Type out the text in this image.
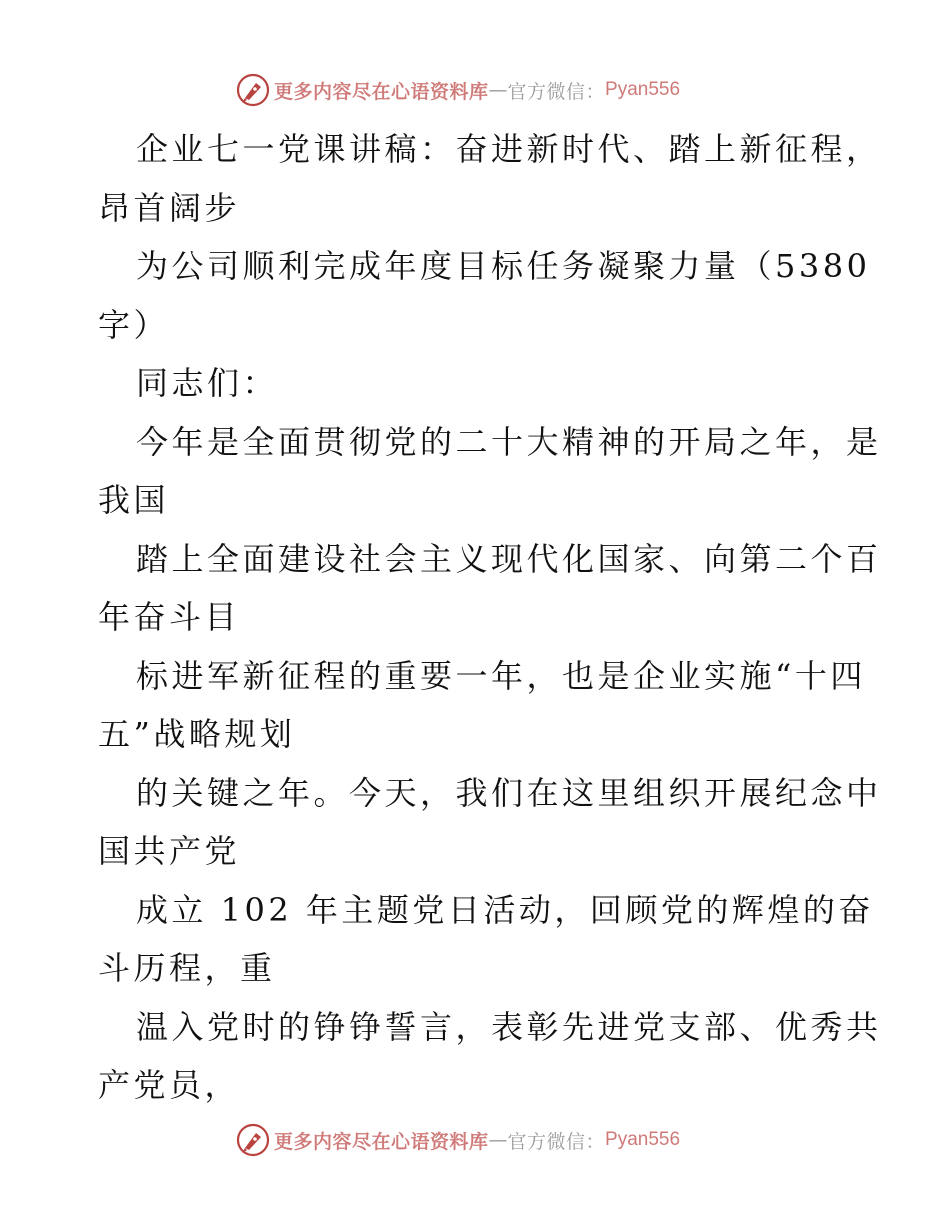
更多内容尽在心语资料库 — 官方微信： Pyan556
企业七一党课讲稿：奋进新时代、踏上新征程，
昂首阔步
为公司顺利完成年度目标任务凝聚力量（5380
字）
同志们：
今年是全面贯彻党的二十大精神的开局之年，是
我国
踏上全面建设社会主义现代化国家、向第二个百
年奋斗目
标进军新征程的重要一年，也是企业实施“十四
五”战略规划
的关键之年。今天，我们在这里组织开展纪念中
国共产党
成立 102 年主题党日活动，回顾党的辉煌的奋
斗历程，重
温入党时的铮铮誓言，表彰先进党支部、优秀共
产党员，
更多内容尽在心语资料库 — 官方微信： Pyan556
